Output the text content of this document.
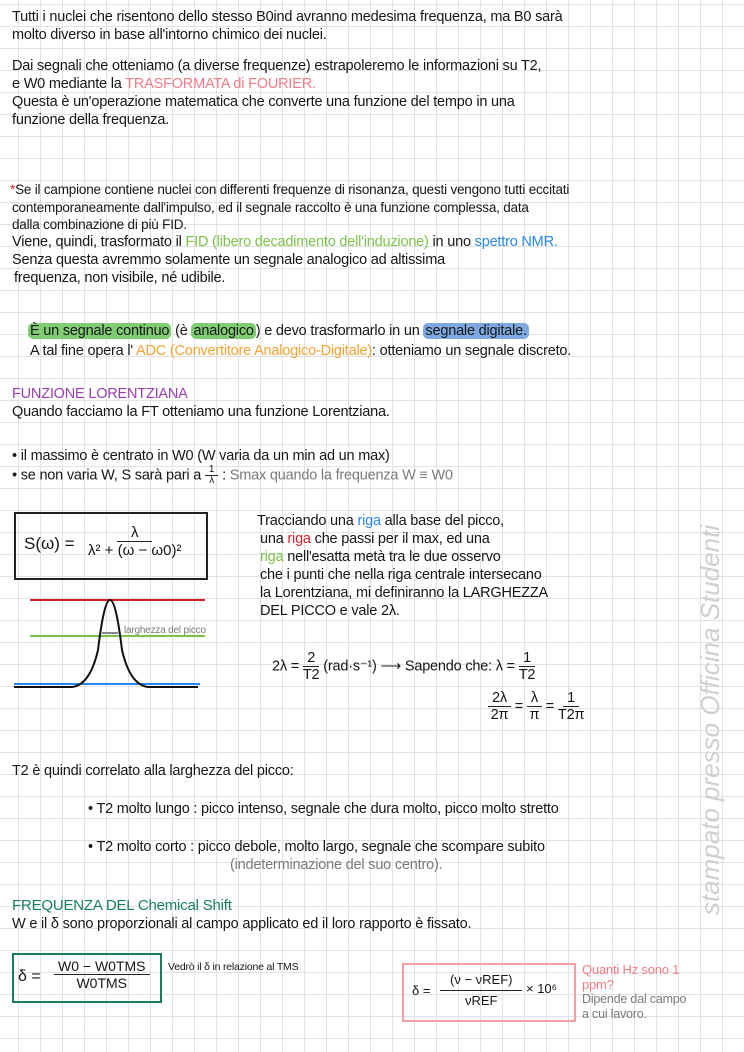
stampato presso Officina Studenti
Tutti i nuclei che risentono dello stesso B0ind avranno medesima frequenza, ma B0 sarà
molto diverso in base all'intorno chimico dei nuclei.
Dai segnali che otteniamo (a diverse frequenze) estrapoleremo le informazioni su T2,
e W0 mediante la TRASFORMATA di FOURIER.
Questa è un'operazione matematica che converte una funzione del tempo in una
funzione della frequenza.
*Se il campione contiene nuclei con differenti frequenze di risonanza, questi vengono tutti eccitati
contemporaneamente dall'impulso, ed il segnale raccolto è una funzione complessa, data
dalla combinazione di più FID.
Viene, quindi, trasformato il FID (libero decadimento dell'induzione) in uno spettro NMR.
Senza questa avremmo solamente un segnale analogico ad altissima
frequenza, non visibile, né udibile.
È un segnale continuo (è analogico ) e devo trasformarlo in un segnale digitale.
A tal fine opera l' ADC (Convertitore Analogico-Digitale): otteniamo un segnale discreto.
FUNZIONE LORENTZIANA
Quando facciamo la FT otteniamo una funzione Lorentziana.
• il massimo è centrato in W0 (W varia da un min ad un max)
• se non varia W, S sarà pari a $\frac{1}{\lambda}$ : Smax quando la frequenza W ≡ W0
$S(\omega) = \frac{\lambda}{\text{λ² + (ω − ω0)²}}$
larghezza del picco
Tracciando una riga alla base del picco,
una riga che passi per il max, ed una
riga nell'esatta metà tra le due osservo
che i punti che nella riga centrale intersecano
la Lorentziana, mi definiranno la LARGHEZZA
DEL PICCO e vale 2λ.
$2\lambda = \frac{2}{T2} (rad\cdot s^{-1})$ ⟶ Sapendo che: $\lambda = \frac{1}{T2}$
$\frac{2\lambda}{2\pi} = \frac{\lambda}{\pi} = \frac{1}{T2\pi}$
T2 è quindi correlato alla larghezza del picco:
• T2 molto lungo : picco intenso, segnale che dura molto, picco molto stretto
• T2 molto corto : picco debole, molto largo, segnale che scompare subito
(indeterminazione del suo centro).
FREQUENZA DEL Chemical Shift
W e il δ sono proporzionali al campo applicato ed il loro rapporto è fissato.
δ =
W0 − W0TMS
W0TMS
Vedrò il δ in relazione al TMS
δ =
(ν − νREF)
νREF
× 10⁶
Quanti Hz sono 1 ppm?
Dipende dal campo a cui lavoro.
